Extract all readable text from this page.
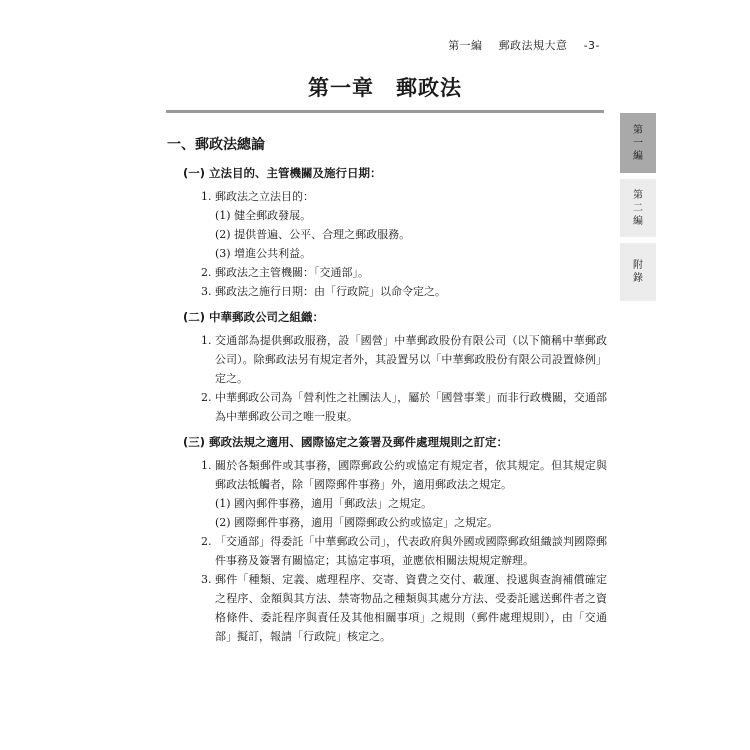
第一編 郵政法規大意 -3-
第一章　郵政法
第
一
編
第
二
編
附
錄
一、郵政法總論
(一) 立法目的、主管機關及施行日期：
1. 郵政法之立法目的：
(1) 健全郵政發展。
(2) 提供普遍、公平、合理之郵政服務。
(3) 增進公共利益。
2. 郵政法之主管機關：「交通部」。
3. 郵政法之施行日期：由「行政院」以命令定之。
(二) 中華郵政公司之組織：
1. 交通部為提供郵政服務，設「國營」中華郵政股份有限公司（以下簡稱中華郵政公司）。除郵政法另有規定者外，其設置另以「中華郵政股份有限公司設置條例」定之。
2. 中華郵政公司為「營利性之社團法人」，屬於「國營事業」而非行政機關，交通部為中華郵政公司之唯一股東。
(三) 郵政法規之適用、國際協定之簽署及郵件處理規則之訂定：
1. 關於各類郵件或其事務，國際郵政公約或協定有規定者，依其規定。但其規定與郵政法牴觸者，除「國際郵件事務」外，適用郵政法之規定。
(1) 國內郵件事務，適用「郵政法」之規定。
(2) 國際郵件事務，適用「國際郵政公約或協定」之規定。
2. 「交通部」得委託「中華郵政公司」，代表政府與外國或國際郵政組織談判國際郵件事務及簽署有關協定；其協定事項，並應依相關法規規定辦理。
3. 郵件「種類、定義、處理程序、交寄、資費之交付、載運、投遞與查詢補償確定之程序、金額與其方法、禁寄物品之種類與其處分方法、受委託遞送郵件者之資格條件、委託程序與責任及其他相關事項」之規則（郵件處理規則），由「交通部」擬訂，報請「行政院」核定之。
